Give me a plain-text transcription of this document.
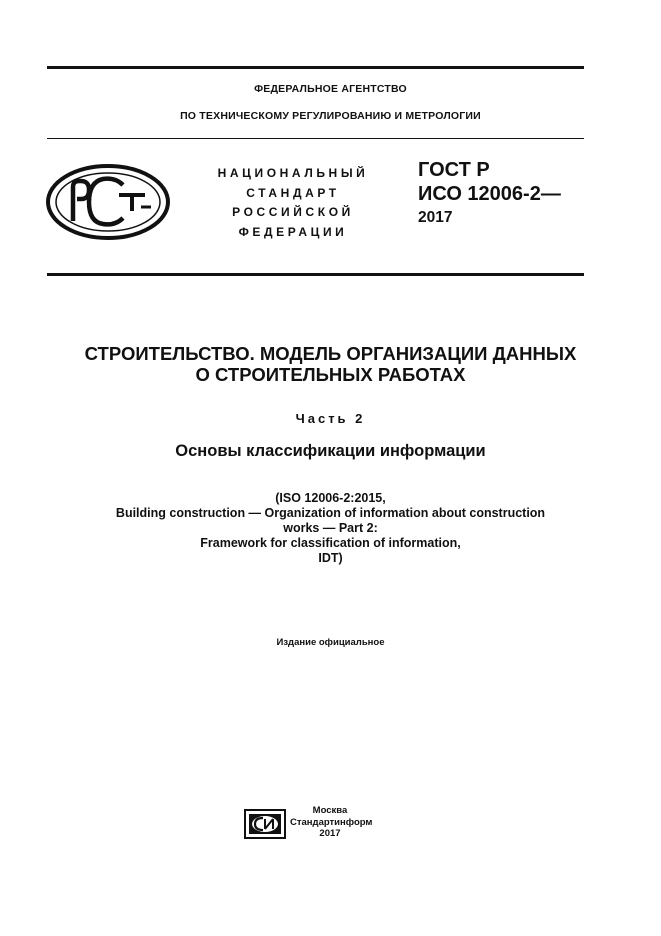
ФЕДЕРАЛЬНОЕ АГЕНТСТВО
ПО ТЕХНИЧЕСКОМУ РЕГУЛИРОВАНИЮ И МЕТРОЛОГИИ
НАЦИОНАЛЬНЫЙ
СТАНДАРТ
РОССИЙСКОЙ
ФЕДЕРАЦИИ
ГОСТ Р
ИСО 12006-2—
2017
СТРОИТЕЛЬСТВО. МОДЕЛЬ ОРГАНИЗАЦИИ ДАННЫХ
О СТРОИТЕЛЬНЫХ РАБОТАХ
Часть 2
Основы классификации информации
(ISO 12006-2:2015,
Building construction — Organization of information about construction
works — Part 2:
Framework for classification of information,
IDT)
Издание официальное
Москва
Стандартинформ
2017
